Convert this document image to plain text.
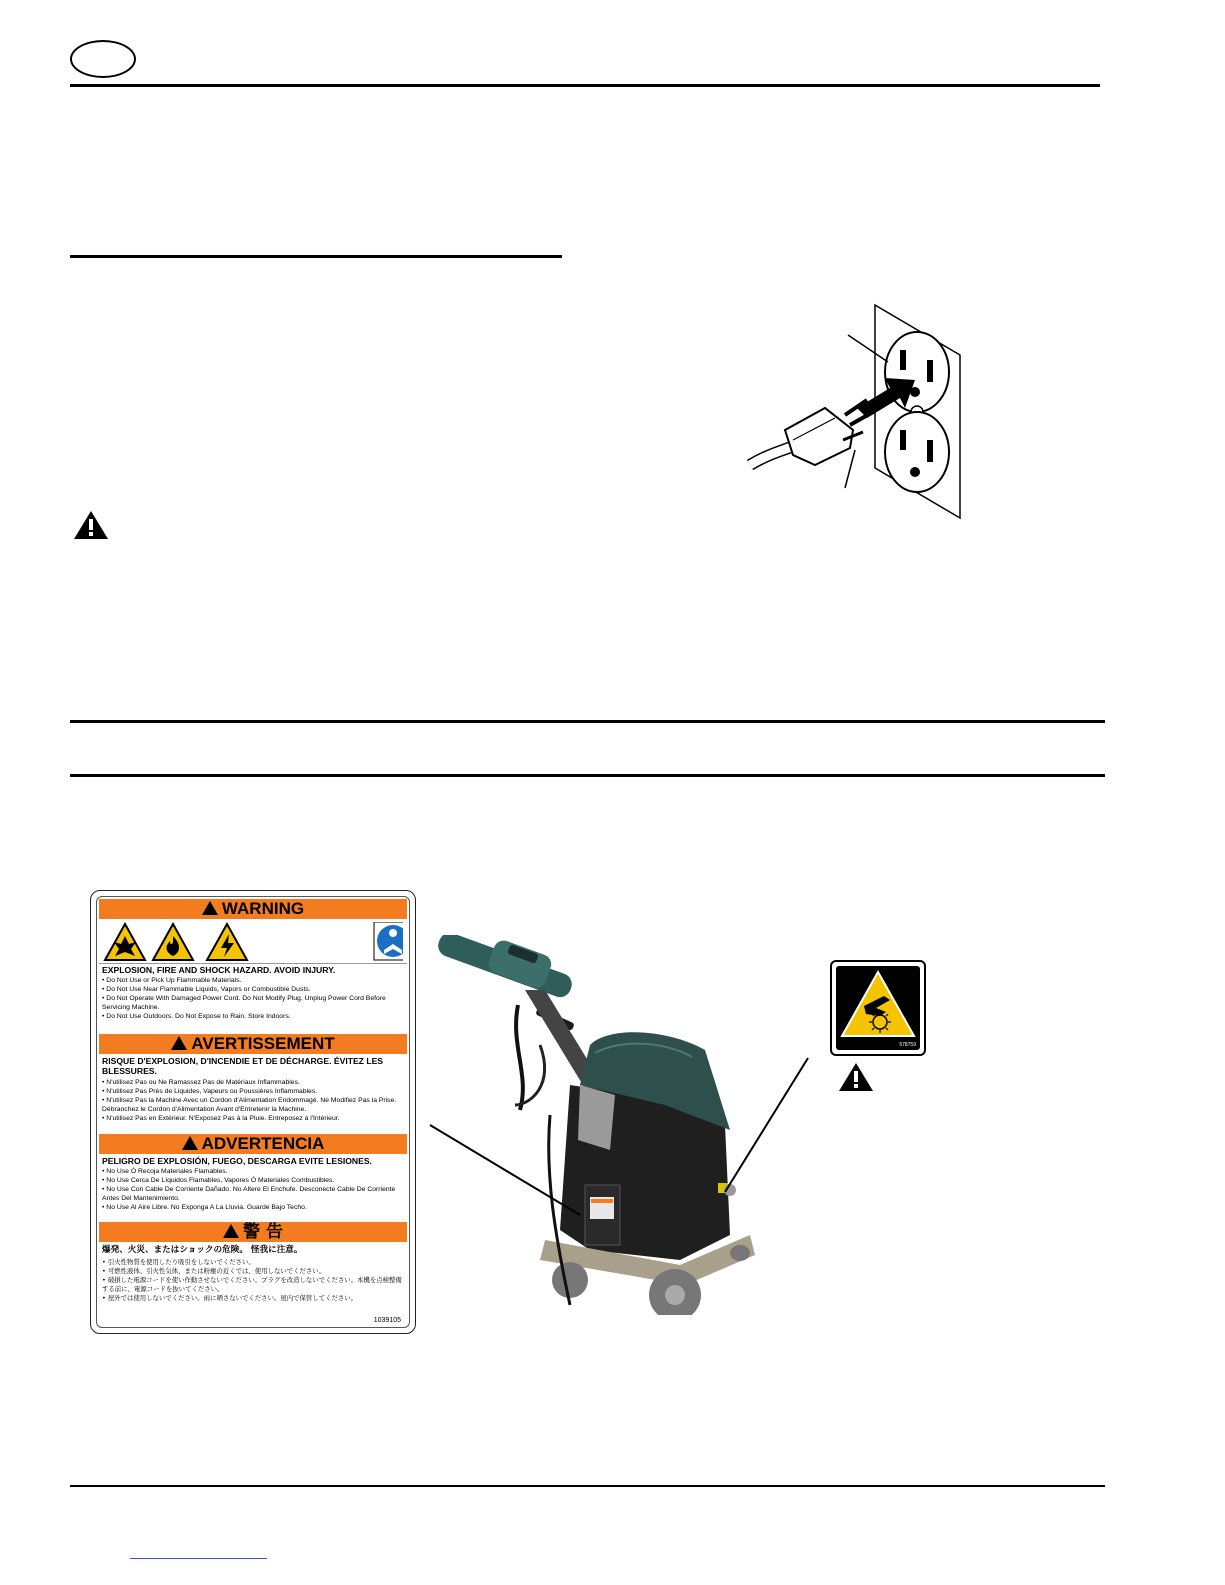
WARNING
EXPLOSION, FIRE AND SHOCK HAZARD. AVOID INJURY.
• Do Not Use or Pick Up Flammable Materials.
• Do Not Use Near Flammable Liquids, Vapors or Combustible Dusts.
• Do Not Operate With Damaged Power Cord. Do Not Modify Plug. Unplug Power Cord Before Servicing Machine.
• Do Not Use Outdoors. Do Not Expose to Rain. Store Indoors.
AVERTISSEMENT
RISQUE D'EXPLOSION, D'INCENDIE ET DE DÉCHARGE. ÉVITEZ LES BLESSURES.
• N'utilisez Pas ou Ne Ramassez Pas de Matériaux Inflammables.
• N'utilisez Pas Près de Liquides, Vapeurs ou Poussières Inflammables.
• N'utilisez Pas la Machine Avec un Cordon d'Alimentation Endommagé. Ne Modifiez Pas la Prise. Débranchez le Cordon d'Alimentation Avant d'Entretenir la Machine.
• N'utilisez Pas en Extérieur. N'Exposez Pas à la Pluie. Entreposez à l'Intérieur.
ADVERTENCIA
PELIGRO DE EXPLOSIÓN, FUEGO, DESCARGA EVITE LESIONES.
• No Use Ó Recoja Materiales Flamables.
• No Use Cerca De Líquidos Flamables, Vapores Ó Materiales Combustibles.
• No Use Con Cable De Corriente Dañado. No Altere El Enchufe. Desconecte Cable De Corriente Antes Del Mantenimiento.
• No Use Al Aire Libre. No Exponga A La Lluvia. Guarde Bajo Techo.
警 告
爆発、火災、またはショックの危険。 怪我に注意。
• 引火性物質を使用したり吸引をしないでください。
• 可燃性液体、引火性気体、または粉塵の近くでは、使用しないでください。
• 破損した電源コードを使い作動させないでください。プラグを改造しないでください。本機を点検整備する前に、電源コードを抜いてください。
• 屋外では使用しないでください。雨に晒さないでください。屋内で保管してください。
1039105
578759
